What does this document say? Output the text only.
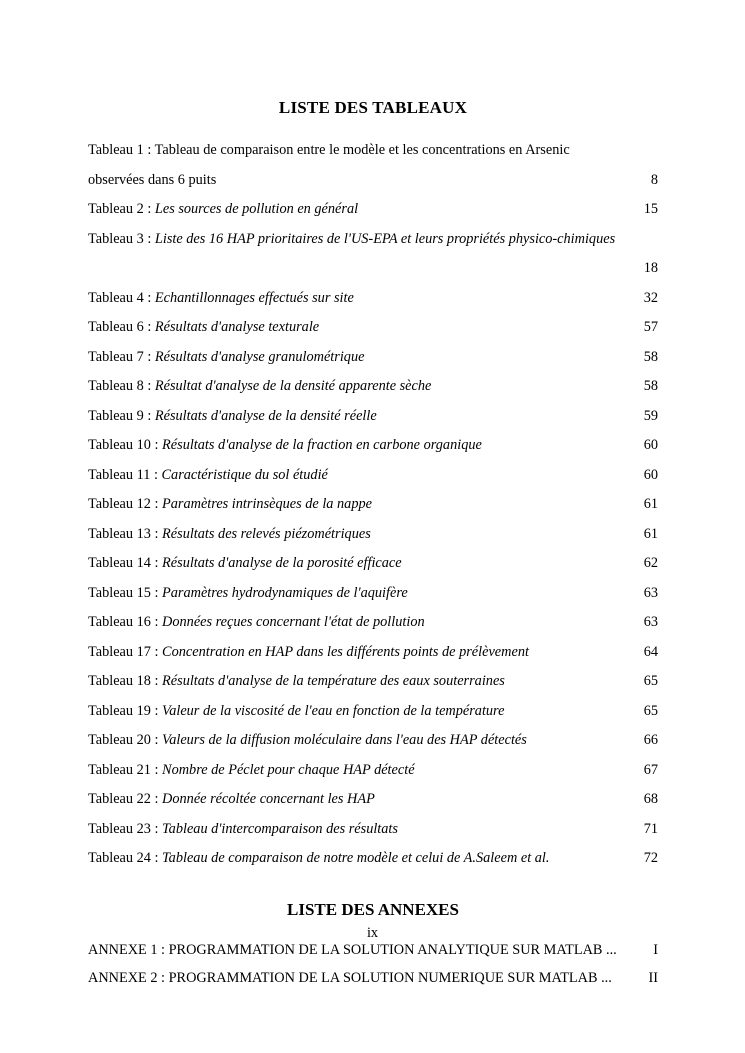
LISTE DES TABLEAUX
Tableau 1 : Tableau de comparaison entre le modèle et les concentrations en Arsenic
8
observées dans 6 puits . . .
15
Tableau 2 : Les sources de pollution en général . . .
Tableau 3 : Liste des 16 HAP prioritaires de l'US-EPA et leurs propriétés physico-chimiques
18
. . .
32
Tableau 4 : Echantillonnages effectués sur site . . .
57
Tableau 6 : Résultats d'analyse texturale . . .
58
Tableau 7 : Résultats d'analyse granulométrique . . .
58
Tableau 8 : Résultat d'analyse de la densité apparente sèche . . .
59
Tableau 9 : Résultats d'analyse de la densité réelle . . .
60
Tableau 10 : Résultats d'analyse de la fraction en carbone organique . . .
60
Tableau 11 : Caractéristique du sol étudié . . .
61
Tableau 12 : Paramètres intrinsèques de la nappe . . .
61
Tableau 13 : Résultats des relevés piézométriques . . .
62
Tableau 14 : Résultats d'analyse de la porosité efficace . . .
63
Tableau 15 : Paramètres hydrodynamiques de l'aquifère . . .
63
Tableau 16 : Données reçues concernant l'état de pollution . . .
64
Tableau 17 : Concentration en HAP dans les différents points de prélèvement . . .
65
Tableau 18 : Résultats d'analyse de la température des eaux souterraines . . .
65
Tableau 19 : Valeur de la viscosité de l'eau en fonction de la température . . .
66
Tableau 20 : Valeurs de la diffusion moléculaire dans l'eau des HAP détectés . . .
67
Tableau 21 : Nombre de Péclet pour chaque HAP détecté . . .
68
Tableau 22 : Donnée récoltée concernant les HAP . . .
71
Tableau 23 : Tableau d'intercomparaison des résultats . . .
72
Tableau 24 : Tableau de comparaison de notre modèle et celui de A.Saleem et al. . . .
LISTE DES ANNEXES
I
ANNEXE 1 : PROGRAMMATION DE LA SOLUTION ANALYTIQUE SUR MATLAB ...
II
ANNEXE 2 : PROGRAMMATION DE LA SOLUTION NUMERIQUE SUR MATLAB ...
ix
